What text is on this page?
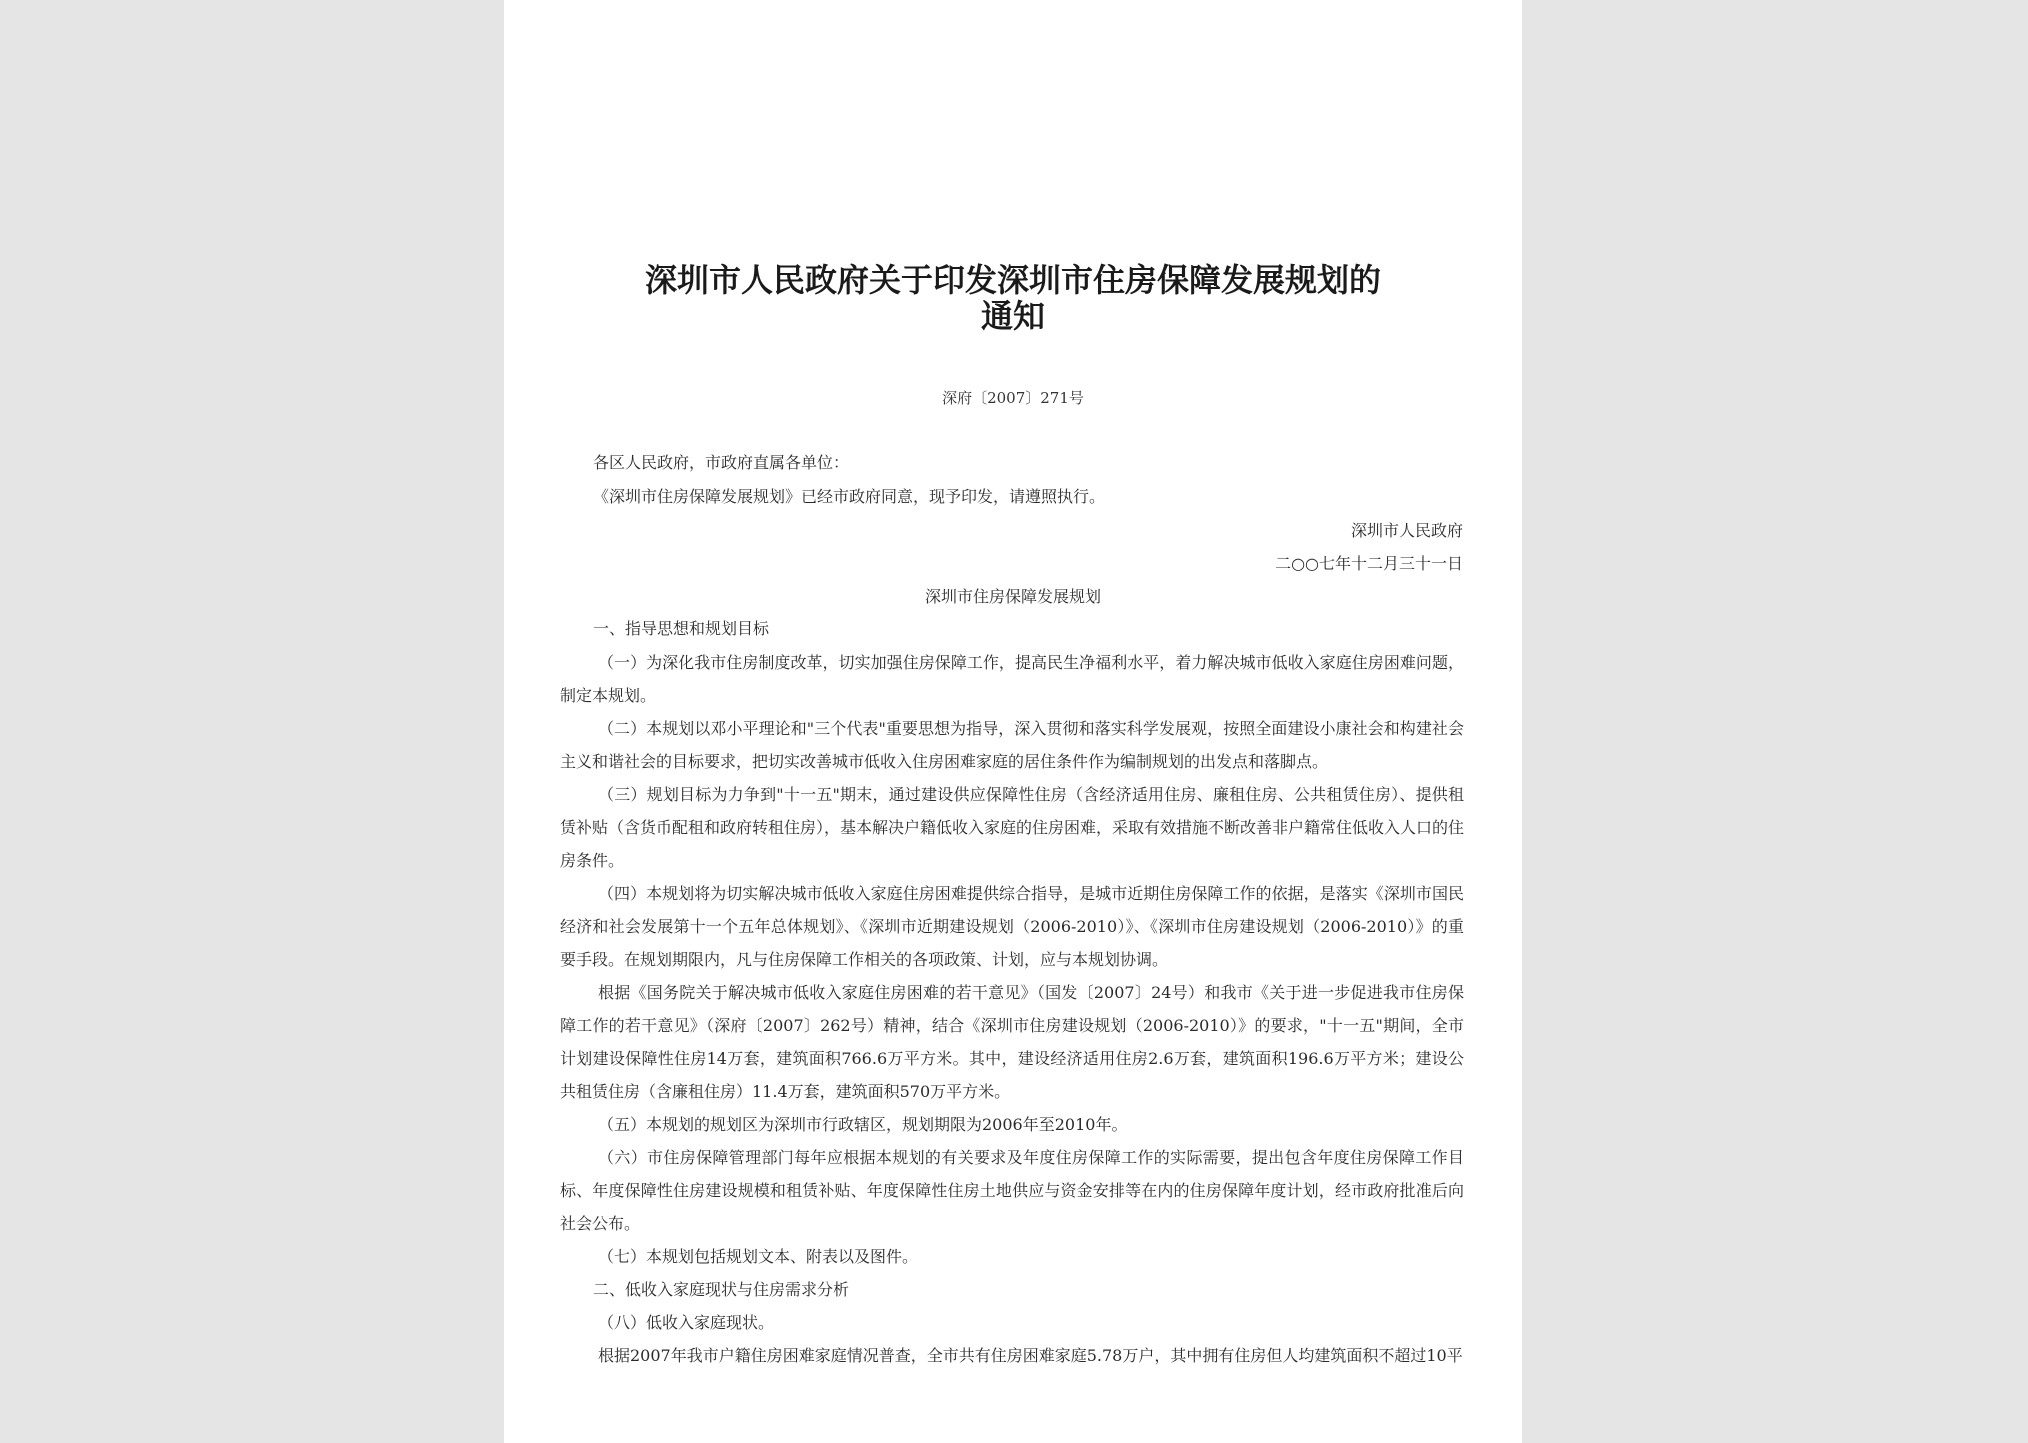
深圳市人民政府关于印发深圳市住房保障发展规划的
通知
深府〔2007〕271号
各区人民政府，市政府直属各单位：
《深圳市住房保障发展规划》已经市政府同意，现予印发，请遵照执行。
深圳市人民政府
二○○七年十二月三十一日
深圳市住房保障发展规划
一、指导思想和规划目标

（一）为深化我市住房制度改革，切实加强住房保障工作，提高民生净福利水平，着力解决城市低收入家庭住房困难问题，制定本规划。

（二）本规划以邓小平理论和"三个代表"重要思想为指导，深入贯彻和落实科学发展观，按照全面建设小康社会和构建社会主义和谐社会的目标要求，把切实改善城市低收入住房困难家庭的居住条件作为编制规划的出发点和落脚点。

（三）规划目标为力争到"十一五"期末，通过建设供应保障性住房（含经济适用住房、廉租住房、公共租赁住房）、提供租赁补贴（含货币配租和政府转租住房），基本解决户籍低收入家庭的住房困难，采取有效措施不断改善非户籍常住低收入人口的住房条件。

（四）本规划将为切实解决城市低收入家庭住房困难提供综合指导，是城市近期住房保障工作的依据，是落实《深圳市国民经济和社会发展第十一个五年总体规划》、《深圳市近期建设规划（2006-2010）》、《深圳市住房建设规划（2006-2010）》的重要手段。在规划期限内，凡与住房保障工作相关的各项政策、计划，应与本规划协调。

根据《国务院关于解决城市低收入家庭住房困难的若干意见》（国发〔2007〕24号）和我市《关于进一步促进我市住房保障工作的若干意见》（深府〔2007〕262号）精神，结合《深圳市住房建设规划（2006-2010）》的要求，"十一五"期间，全市计划建设保障性住房14万套，建筑面积766.6万平方米。其中，建设经济适用住房2.6万套，建筑面积196.6万平方米；建设公共租赁住房（含廉租住房）11.4万套，建筑面积570万平方米。

（五）本规划的规划区为深圳市行政辖区，规划期限为2006年至2010年。

（六）市住房保障管理部门每年应根据本规划的有关要求及年度住房保障工作的实际需要，提出包含年度住房保障工作目标、年度保障性住房建设规模和租赁补贴、年度保障性住房土地供应与资金安排等在内的住房保障年度计划，经市政府批准后向社会公布。

（七）本规划包括规划文本、附表以及图件。

二、低收入家庭现状与住房需求分析

（八）低收入家庭现状。

根据2007年我市户籍住房困难家庭情况普查，全市共有住房困难家庭5.78万户，其中拥有住房但人均建筑面积不超过10平
